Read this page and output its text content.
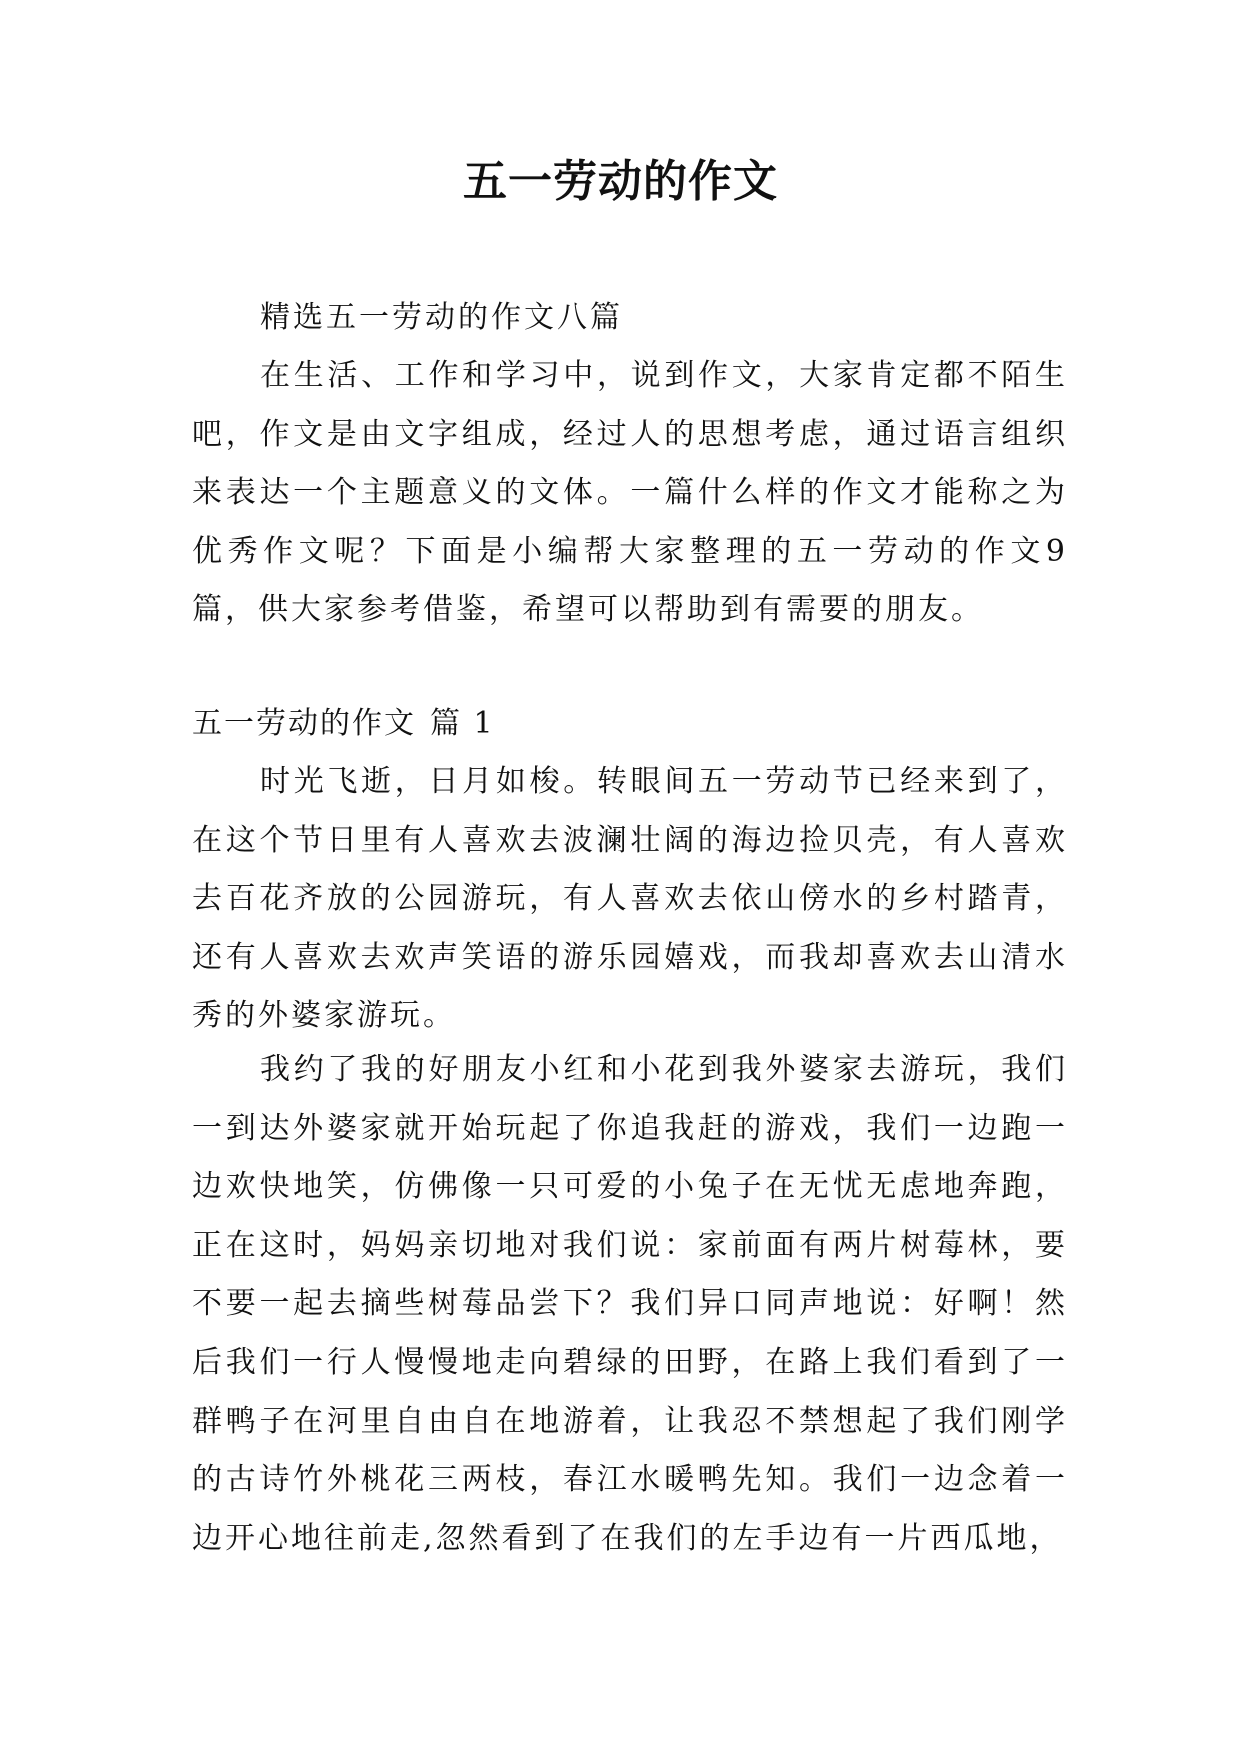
五一劳动的作文

精选五一劳动的作文八篇

在生活、工作和学习中，说到作文，大家肯定都不陌生吧，作文是由文字组成，经过人的思想考虑，通过语言组织来表达一个主题意义的文体。一篇什么样的作文才能称之为优秀作文呢？下面是小编帮大家整理的五一劳动的作文9篇，供大家参考借鉴，希望可以帮助到有需要的朋友。

五一劳动的作文 篇 1

时光飞逝，日月如梭。转眼间五一劳动节已经来到了，在这个节日里有人喜欢去波澜壮阔的海边捡贝壳，有人喜欢去百花齐放的公园游玩，有人喜欢去依山傍水的乡村踏青，还有人喜欢去欢声笑语的游乐园嬉戏，而我却喜欢去山清水秀的外婆家游玩。

我约了我的好朋友小红和小花到我外婆家去游玩，我们一到达外婆家就开始玩起了你追我赶的游戏，我们一边跑一边欢快地笑，仿佛像一只可爱的小兔子在无忧无虑地奔跑，正在这时，妈妈亲切地对我们说：家前面有两片树莓林，要不要一起去摘些树莓品尝下？我们异口同声地说：好啊！然后我们一行人慢慢地走向碧绿的田野，在路上我们看到了一群鸭子在河里自由自在地游着，让我忍不禁想起了我们刚学的古诗竹外桃花三两枝，春江水暖鸭先知。我们一边念着一边开心地往前走,忽然看到了在我们的左手边有一片西瓜地，
